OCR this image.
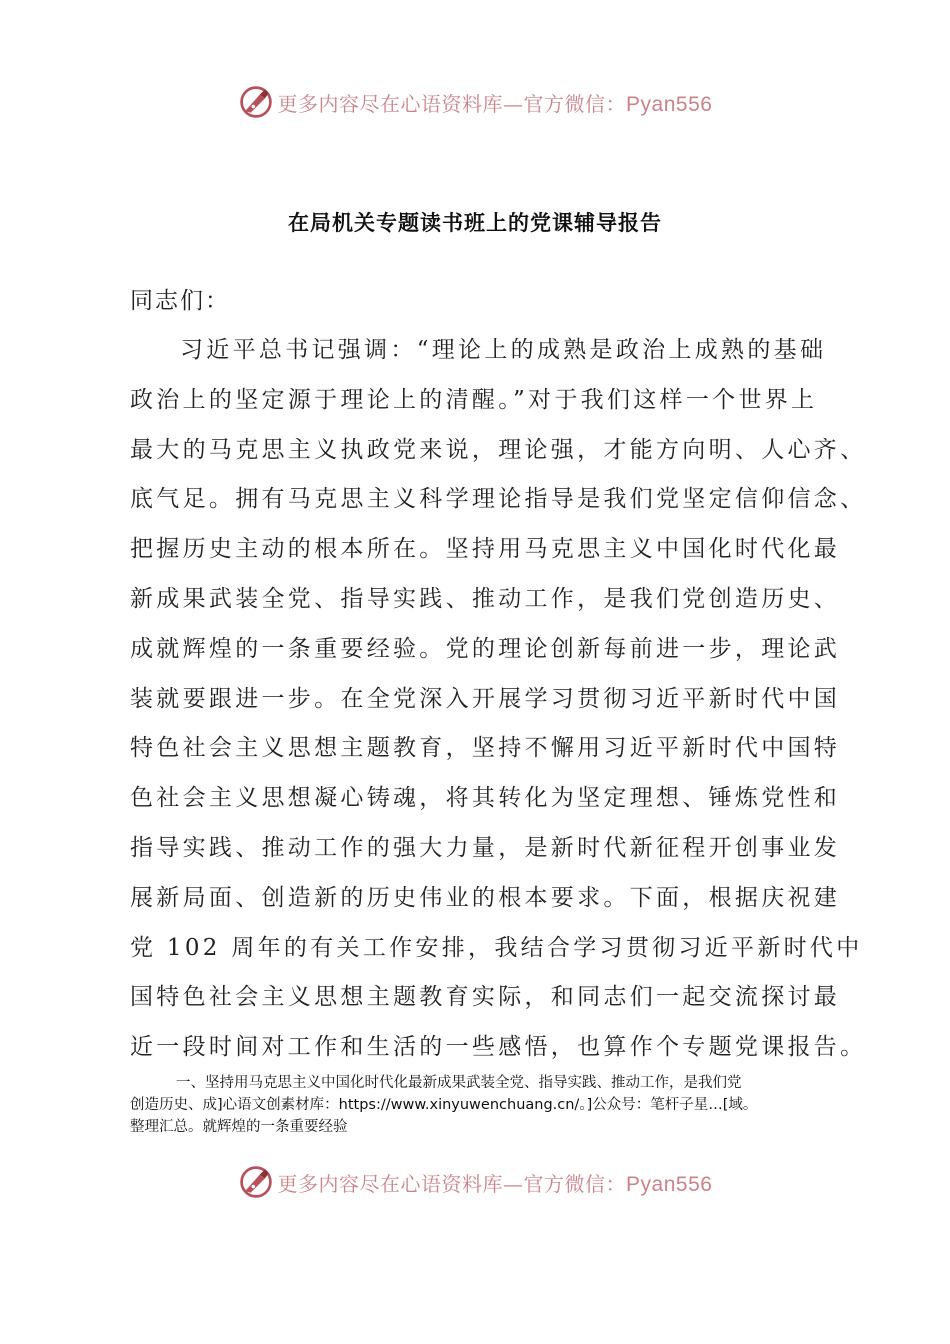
更多内容尽在心语资料库—官方微信：Pyan556
在局机关专题读书班上的党课辅导报告
同志们：
习近平总书记强调：“理论上的成熟是政治上成熟的基础
政治上的坚定源于理论上的清醒。”对于我们这样一个世界上
最大的马克思主义执政党来说，理论强，才能方向明、人心齐、
底气足。拥有马克思主义科学理论指导是我们党坚定信仰信念、
把握历史主动的根本所在。坚持用马克思主义中国化时代化最
新成果武装全党、指导实践、推动工作，是我们党创造历史、
成就辉煌的一条重要经验。党的理论创新每前进一步，理论武
装就要跟进一步。在全党深入开展学习贯彻习近平新时代中国
特色社会主义思想主题教育，坚持不懈用习近平新时代中国特
色社会主义思想凝心铸魂，将其转化为坚定理想、锤炼党性和
指导实践、推动工作的强大力量，是新时代新征程开创事业发
展新局面、创造新的历史伟业的根本要求。下面，根据庆祝建
党 102 周年的有关工作安排，我结合学习贯彻习近平新时代中
国特色社会主义思想主题教育实际，和同志们一起交流探讨最
近一段时间对工作和生活的一些感悟，也算作个专题党课报告。
一、坚持用马克思主义中国化时代化最新成果武装全党、指导实践、推动工作，是我们党
创造历史、成]心语文创素材库：https://www.xinyuwenchuang.cn/。]公众号：笔杆子星…[域。
整理汇总。就辉煌的一条重要经验
更多内容尽在心语资料库—官方微信：Pyan556
